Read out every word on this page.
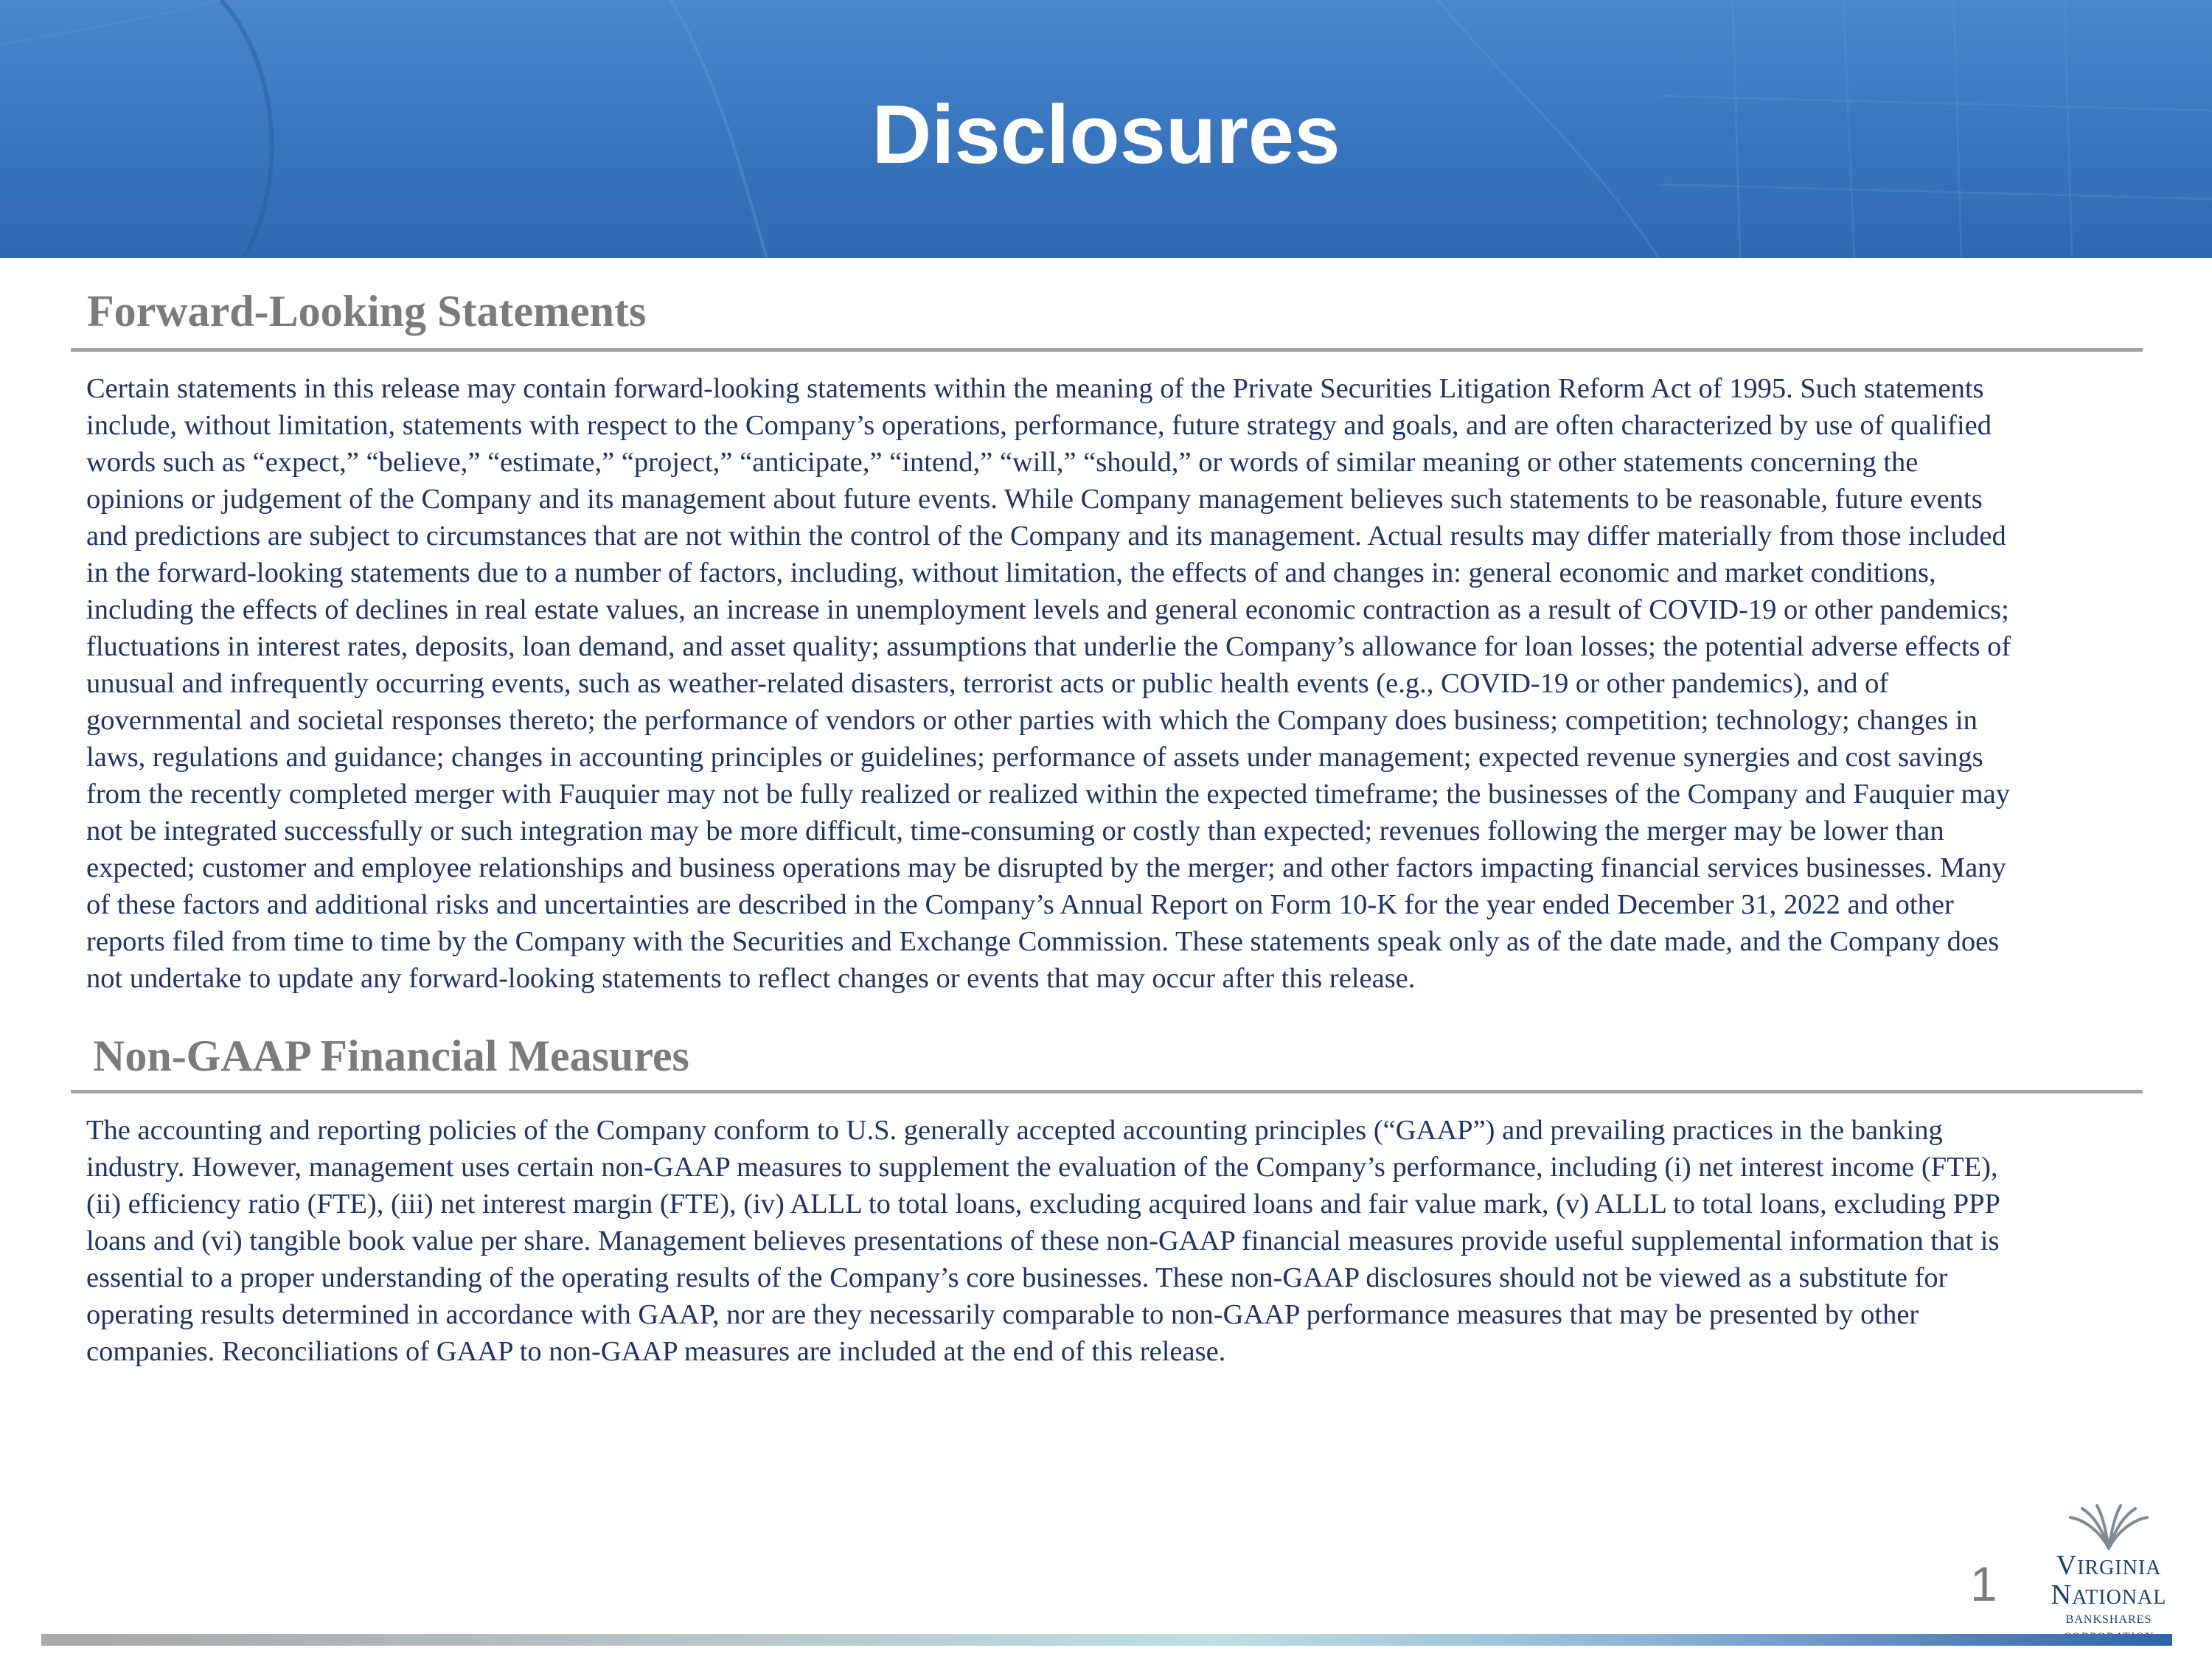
Disclosures
Forward-Looking Statements

Certain statements in this release may contain forward-looking statements within the meaning of the Private Securities Litigation Reform Act of 1995. Such statements
include, without limitation, statements with respect to the Company’s operations, performance, future strategy and goals, and are often characterized by use of qualified
words such as “expect,” “believe,” “estimate,” “project,” “anticipate,” “intend,” “will,” “should,” or words of similar meaning or other statements concerning the
opinions or judgement of the Company and its management about future events. While Company management believes such statements to be reasonable, future events
and predictions are subject to circumstances that are not within the control of the Company and its management. Actual results may differ materially from those included
in the forward-looking statements due to a number of factors, including, without limitation, the effects of and changes in: general economic and market conditions,
including the effects of declines in real estate values, an increase in unemployment levels and general economic contraction as a result of COVID-19 or other pandemics;
fluctuations in interest rates, deposits, loan demand, and asset quality; assumptions that underlie the Company’s allowance for loan losses; the potential adverse effects of
unusual and infrequently occurring events, such as weather-related disasters, terrorist acts or public health events (e.g., COVID-19 or other pandemics), and of
governmental and societal responses thereto; the performance of vendors or other parties with which the Company does business; competition; technology; changes in
laws, regulations and guidance; changes in accounting principles or guidelines; performance of assets under management; expected revenue synergies and cost savings
from the recently completed merger with Fauquier may not be fully realized or realized within the expected timeframe; the businesses of the Company and Fauquier may
not be integrated successfully or such integration may be more difficult, time-consuming or costly than expected; revenues following the merger may be lower than
expected; customer and employee relationships and business operations may be disrupted by the merger; and other factors impacting financial services businesses. Many
of these factors and additional risks and uncertainties are described in the Company’s Annual Report on Form 10-K for the year ended December 31, 2022 and other
reports filed from time to time by the Company with the Securities and Exchange Commission. These statements speak only as of the date made, and the Company does
not undertake to update any forward-looking statements to reflect changes or events that may occur after this release.

Non-GAAP Financial Measures

The accounting and reporting policies of the Company conform to U.S. generally accepted accounting principles (“GAAP”) and prevailing practices in the banking
industry. However, management uses certain non-GAAP measures to supplement the evaluation of the Company’s performance, including (i) net interest income (FTE),
(ii) efficiency ratio (FTE), (iii) net interest margin (FTE), (iv) ALLL to total loans, excluding acquired loans and fair value mark, (v) ALLL to total loans, excluding PPP
loans and (vi) tangible book value per share. Management believes presentations of these non-GAAP financial measures provide useful supplemental information that is
essential to a proper understanding of the operating results of the Company’s core businesses. These non-GAAP disclosures should not be viewed as a substitute for
operating results determined in accordance with GAAP, nor are they necessarily comparable to non-GAAP performance measures that may be presented by other
companies. Reconciliations of GAAP to non-GAAP measures are included at the end of this release.

1	VIRGINIA
NATIONAL
BANKSHARES
